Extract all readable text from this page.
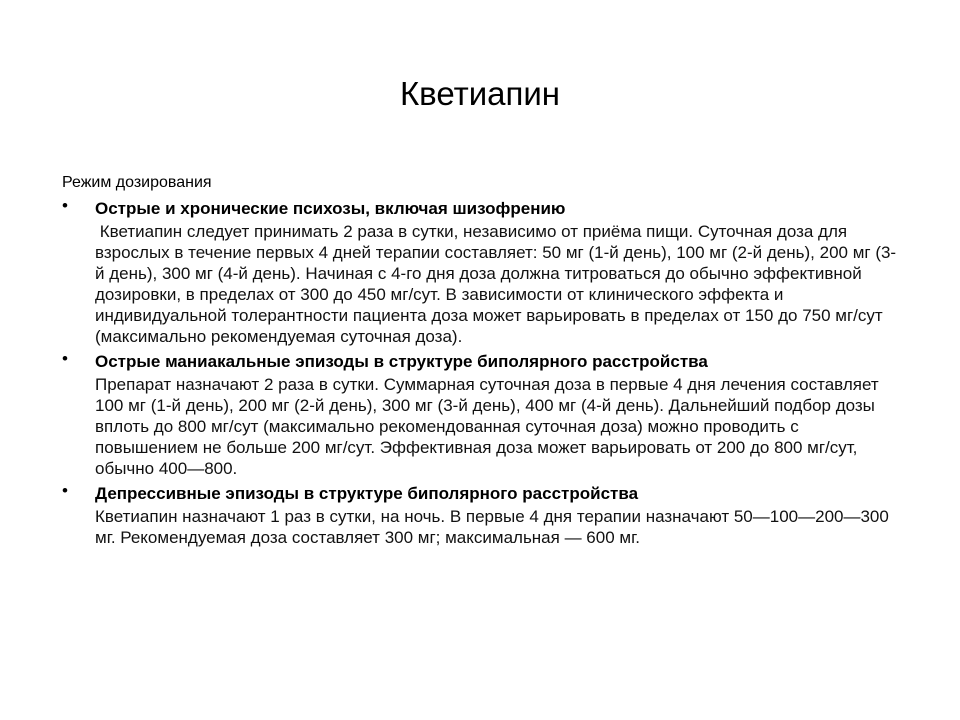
Кветиапин
Режим дозирования
• Острые и хронические психозы, включая шизофрению
Кветиапин следует принимать 2 раза в сутки, независимо от приёма пищи. Суточная доза для взрослых в течение первых 4 дней терапии составляет: 50 мг (1-й день), 100 мг (2-й день), 200 мг (3-й день), 300 мг (4-й день). Начиная с 4-го дня доза должна титроваться до обычно эффективной дозировки, в пределах от 300 до 450 мг/сут. В зависимости от клинического эффекта и индивидуальной толерантности пациента доза может варьировать в пределах от 150 до 750 мг/сут (максимально рекомендуемая суточная доза).
• Острые маниакальные эпизоды в структуре биполярного расстройства
Препарат назначают 2 раза в сутки. Суммарная суточная доза в первые 4 дня лечения составляет 100 мг (1-й день), 200 мг (2-й день), 300 мг (3-й день), 400 мг (4-й день). Дальнейший подбор дозы вплоть до 800 мг/сут (максимально рекомендованная суточная доза) можно проводить с повышением не больше 200 мг/сут. Эффективная доза может варьировать от 200 до 800 мг/сут, обычно 400—800.
• Депрессивные эпизоды в структуре биполярного расстройства
Кветиапин назначают 1 раз в сутки, на ночь. В первые 4 дня терапии назначают 50—100—200—300 мг. Рекомендуемая доза составляет 300 мг; максимальная — 600 мг.
